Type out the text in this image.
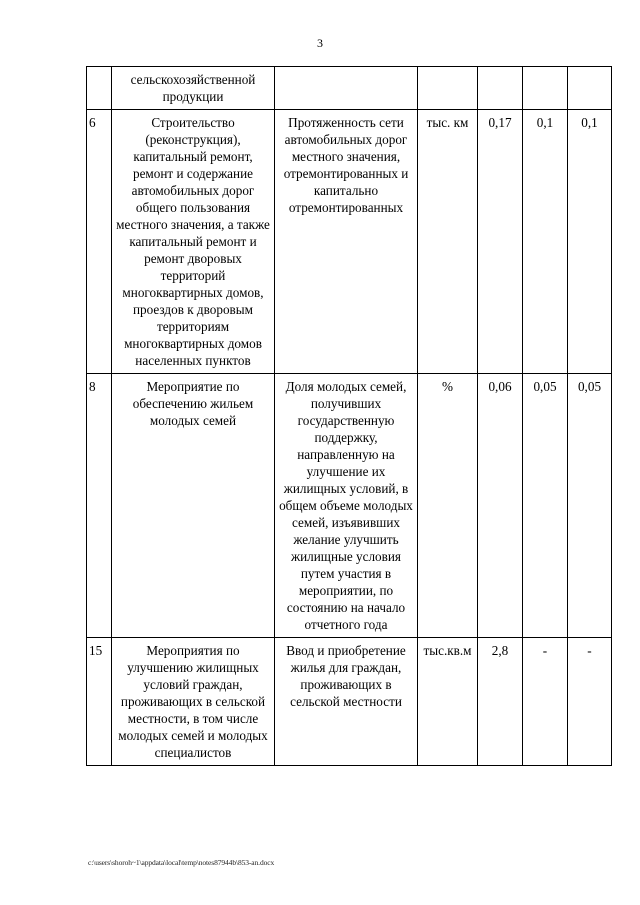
3
	сельскохозяйственной продукции					
6	Строительство (реконструкция), капитальный ремонт, ремонт и содержание автомобильных дорог общего пользования местного значения, а также капитальный ремонт и ремонт дворовых территорий многоквартирных домов, проездов к дворовым территориям многоквартирных домов населенных пунктов	Протяженность сети автомобильных дорог местного значения, отремонтированных и капитально отремонтированных	тыс. км	0,17	0,1	0,1
8	Мероприятие по обеспечению жильем молодых семей	Доля молодых семей, получивших государственную поддержку, направленную на улучшение их жилищных условий, в общем объеме молодых семей, изъявивших желание улучшить жилищные условия путем участия в мероприятии, по состоянию на начало отчетного года	%	0,06	0,05	0,05
15	Мероприятия по улучшению жилищных условий граждан, проживающих в сельской местности, в том числе молодых семей и молодых специалистов	Ввод и приобретение жилья для граждан, проживающих в сельской местности	тыс.кв.м	2,8	-	-
c:\users\shoroh~1\appdata\local\temp\notes87944b\853-an.docx
